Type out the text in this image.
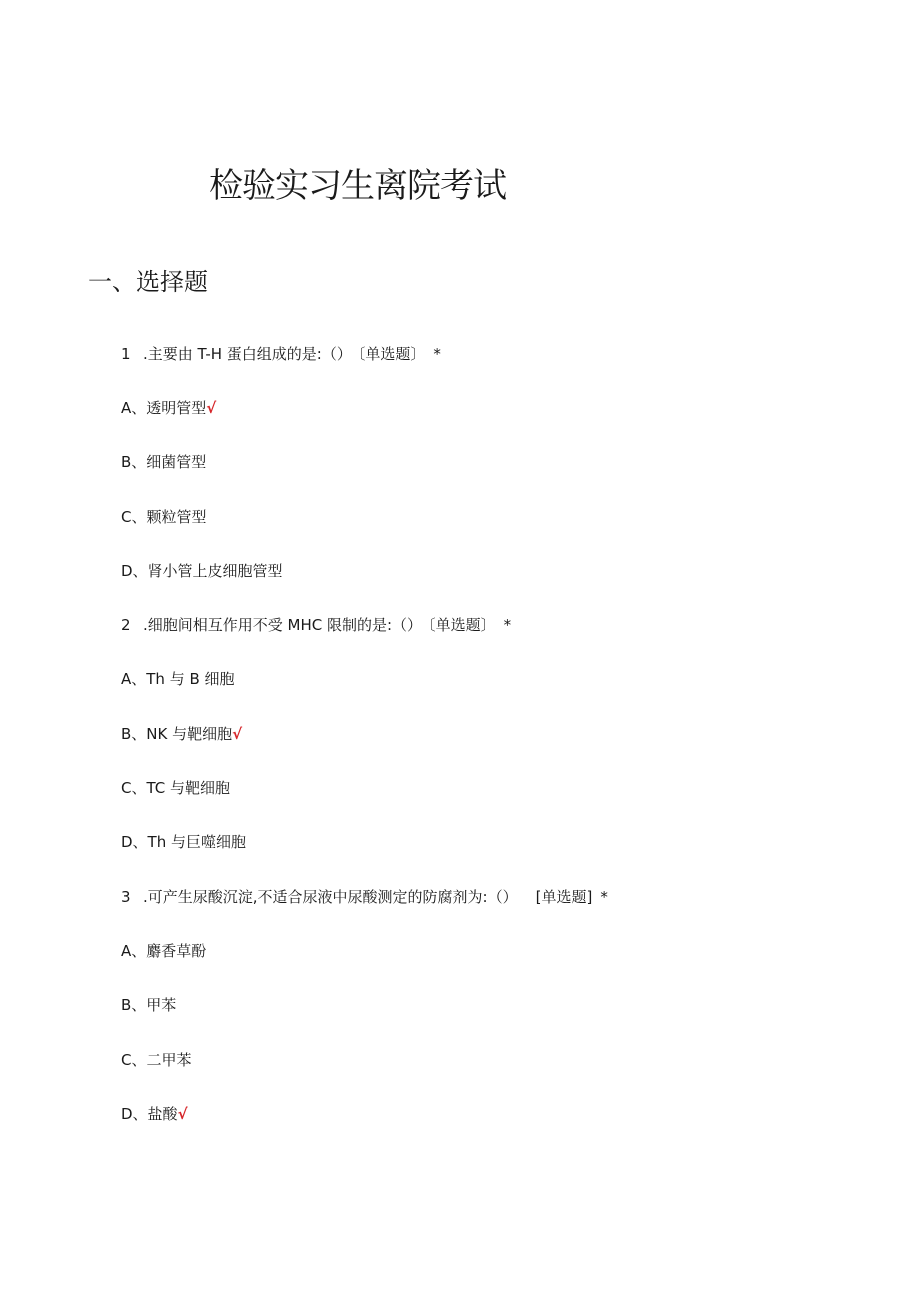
检验实习生离院考试
一、选择题
1 .主要由 T-H 蛋白组成的是:（） 〔单选题〕 *
A、透明管型√
B、细菌管型
C、颗粒管型
D、肾小管上皮细胞管型
2 .细胞间相互作用不受 MHC 限制的是:（） 〔单选题〕 *
A、Th 与 B 细胞
B、NK 与靶细胞√
C、TC 与靶细胞
D、Th 与巨噬细胞
3 .可产生尿酸沉淀,不适合尿液中尿酸测定的防腐剂为:（） [单选题] *
A、麝香草酚
B、甲苯
C、二甲苯
D、盐酸√
